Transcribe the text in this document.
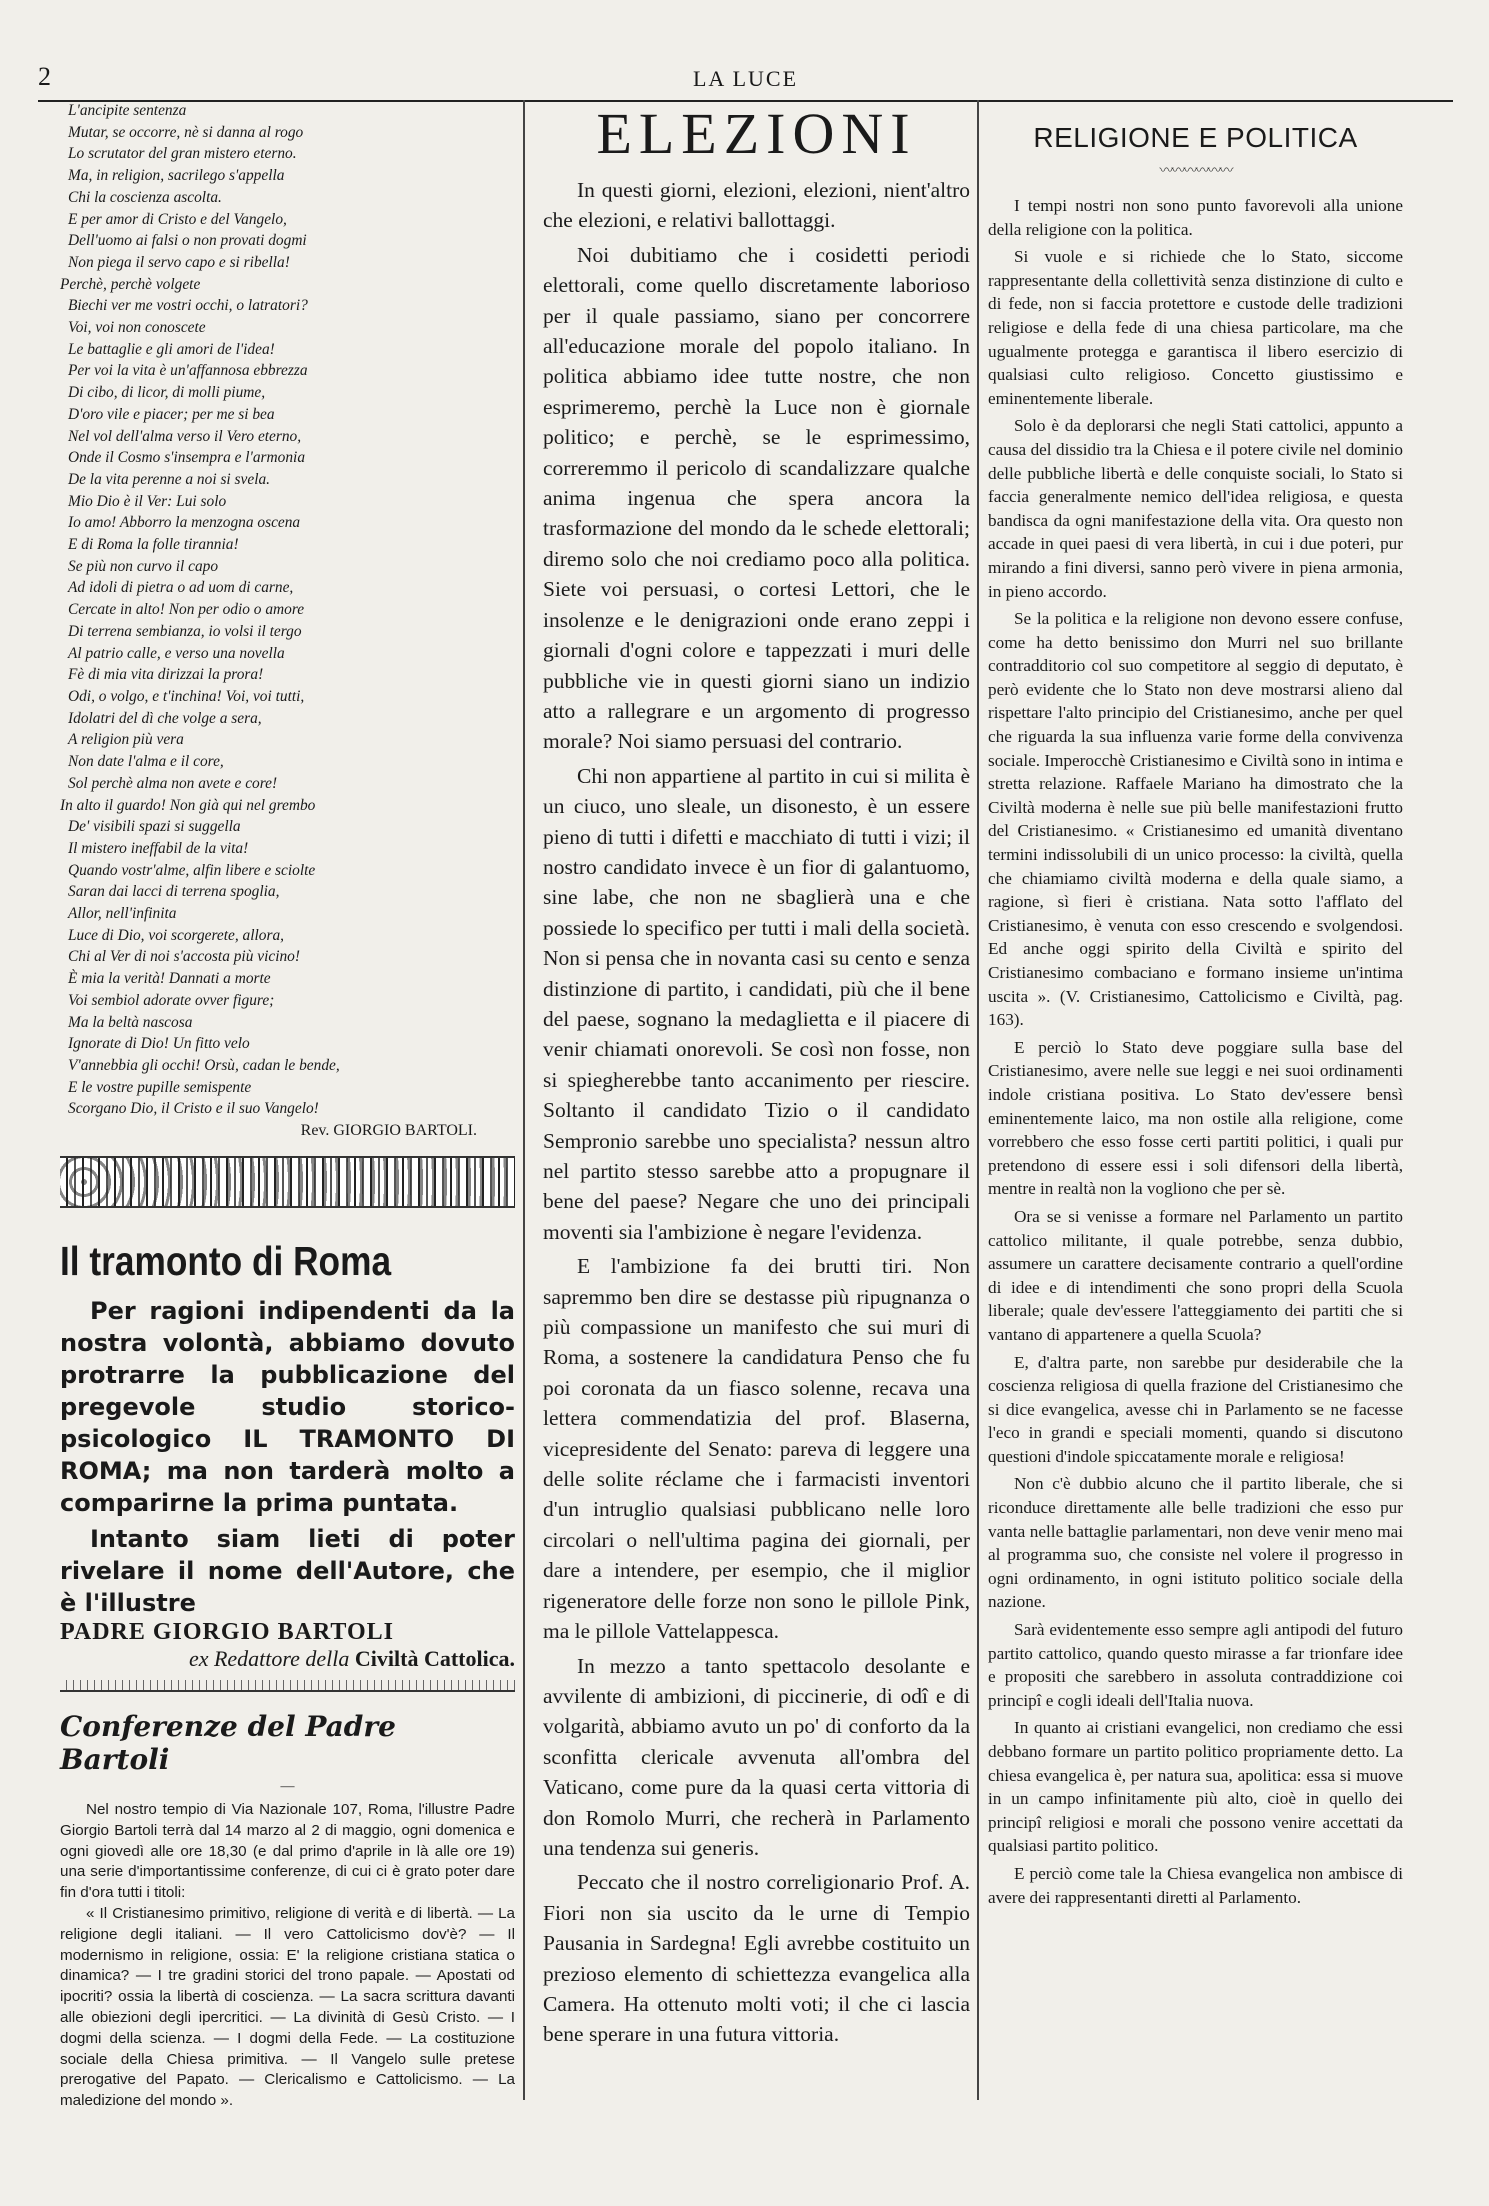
2	LA LUCE

L'ancipite sentenza

Mutar, se occorre, nè si danna al rogo

Lo scrutator del gran mistero eterno.

Ma, in religion, sacrilego s'appella

Chi la coscienza ascolta.

E per amor di Cristo e del Vangelo,

Dell'uomo ai falsi o non provati dogmi

Non piega il servo capo e si ribella!

Perchè, perchè volgete

Biechi ver me vostri occhi, o latratori?

Voi, voi non conoscete

Le battaglie e gli amori de l'idea!

Per voi la vita è un'affannosa ebbrezza

Di cibo, di licor, di molli piume,

D'oro vile e piacer; per me si bea

Nel vol dell'alma verso il Vero eterno,

Onde il Cosmo s'insempra e l'armonia

De la vita perenne a noi si svela.

Mio Dio è il Ver: Lui solo

Io amo! Abborro la menzogna oscena

E di Roma la folle tirannia!

Se più non curvo il capo

Ad idoli di pietra o ad uom di carne,

Cercate in alto! Non per odio o amore

Di terrena sembianza, io volsi il tergo

Al patrio calle, e verso una novella

Fè di mia vita dirizzai la prora!

Odi, o volgo, e t'inchina! Voi, voi tutti,

Idolatri del dì che volge a sera,

A religion più vera

Non date l'alma e il core,

Sol perchè alma non avete e core!

In alto il guardo! Non già qui nel grembo

De' visibili spazi si suggella

Il mistero ineffabil de la vita!

Quando vostr'alme, alfin libere e sciolte

Saran dai lacci di terrena spoglia,

Allor, nell'infinita

Luce di Dio, voi scorgerete, allora,

Chi al Ver di noi s'accosta più vicino!

È mia la verità! Dannati a morte

Voi sembiol adorate ovver figure;

Ma la beltà nascosa

Ignorate di Dio! Un fitto velo

V'annebbia gli occhi! Orsù, cadan le bende,

E le vostre pupille semispente

Scorgano Dio, il Cristo e il suo Vangelo!

Rev. GIORGIO BARTOLI.
Il tramonto di Roma

Per ragioni indipendenti da la nostra volontà, abbiamo dovuto protrarre la pubblicazione del pregevole studio storico-psicologico IL TRAMONTO DI ROMA; ma non tarderà molto a comparirne la prima puntata.

Intanto siam lieti di poter rivelare il nome dell'Autore, che è l'illustre

PADRE GIORGIO BARTOLI
ex Redattore della Civiltà Cattolica.
Conferenze del Padre Bartoli
—

Nel nostro tempio di Via Nazionale 107, Roma, l'illustre Padre Giorgio Bartoli terrà dal 14 marzo al 2 di maggio, ogni domenica e ogni giovedì alle ore 18,30 (e dal primo d'aprile in là alle ore 19) una serie d'importantissime conferenze, di cui ci è grato poter dare fin d'ora tutti i titoli:

« Il Cristianesimo primitivo, religione di verità e di libertà. — La religione degli italiani. — Il vero Cattolicismo dov'è? — Il modernismo in religione, ossia: E' la religione cristiana statica o dinamica? — I tre gradini storici del trono papale. — Apostati od ipocriti? ossia la libertà di coscienza. — La sacra scrittura davanti alle obiezioni degli ipercritici. — La divinità di Gesù Cristo. — I dogmi della scienza. — I dogmi della Fede. — La costituzione sociale della Chiesa primitiva. — Il Vangelo sulle pretese prerogative del Papato. — Clericalismo e Cattolicismo. — La maledizione del mondo ».

ELEZIONI

In questi giorni, elezioni, elezioni, nient'altro che elezioni, e relativi ballottaggi.

Noi dubitiamo che i cosidetti periodi elettorali, come quello discretamente laborioso per il quale passiamo, siano per concorrere all'educazione morale del popolo italiano. In politica abbiamo idee tutte nostre, che non esprimeremo, perchè la Luce non è giornale politico; e perchè, se le esprimessimo, correremmo il pericolo di scandalizzare qualche anima ingenua che spera ancora la trasformazione del mondo da le schede elettorali; diremo solo che noi crediamo poco alla politica. Siete voi persuasi, o cortesi Lettori, che le insolenze e le denigrazioni onde erano zeppi i giornali d'ogni colore e tappezzati i muri delle pubbliche vie in questi giorni siano un indizio atto a rallegrare e un argomento di progresso morale? Noi siamo persuasi del contrario.

Chi non appartiene al partito in cui si milita è un ciuco, uno sleale, un disonesto, è un essere pieno di tutti i difetti e macchiato di tutti i vizi; il nostro candidato invece è un fior di galantuomo, sine labe, che non ne sbaglierà una e che possiede lo specifico per tutti i mali della società. Non si pensa che in novanta casi su cento e senza distinzione di partito, i candidati, più che il bene del paese, sognano la medaglietta e il piacere di venir chiamati onorevoli. Se così non fosse, non si spiegherebbe tanto accanimento per riescire. Soltanto il candidato Tizio o il candidato Sempronio sarebbe uno specialista? nessun altro nel partito stesso sarebbe atto a propugnare il bene del paese? Negare che uno dei principali moventi sia l'ambizione è negare l'evidenza.

E l'ambizione fa dei brutti tiri. Non sapremmo ben dire se destasse più ripugnanza o più compassione un manifesto che sui muri di Roma, a sostenere la candidatura Penso che fu poi coronata da un fiasco solenne, recava una lettera commendatizia del prof. Blaserna, vicepresidente del Senato: pareva di leggere una delle solite réclame che i farmacisti inventori d'un intruglio qualsiasi pubblicano nelle loro circolari o nell'ultima pagina dei giornali, per dare a intendere, per esempio, che il miglior rigeneratore delle forze non sono le pillole Pink, ma le pillole Vattelappesca.

In mezzo a tanto spettacolo desolante e avvilente di ambizioni, di piccinerie, di odî e di volgarità, abbiamo avuto un po' di conforto da la sconfitta clericale avvenuta all'ombra del Vaticano, come pure da la quasi certa vittoria di don Romolo Murri, che recherà in Parlamento una tendenza sui generis.

Peccato che il nostro correligionario Prof. A. Fiori non sia uscito da le urne di Tempio Pausania in Sardegna! Egli avrebbe costituito un prezioso elemento di schiettezza evangelica alla Camera. Ha ottenuto molti voti; il che ci lascia bene sperare in una futura vittoria.

RELIGIONE E POLITICA
〰〰〰〰〰〰

I tempi nostri non sono punto favorevoli alla unione della religione con la politica.

Si vuole e si richiede che lo Stato, siccome rappresentante della collettività senza distinzione di culto e di fede, non si faccia protettore e custode delle tradizioni religiose e della fede di una chiesa particolare, ma che ugualmente protegga e garantisca il libero esercizio di qualsiasi culto religioso. Concetto giustissimo e eminentemente liberale.

Solo è da deplorarsi che negli Stati cattolici, appunto a causa del dissidio tra la Chiesa e il potere civile nel dominio delle pubbliche libertà e delle conquiste sociali, lo Stato si faccia generalmente nemico dell'idea religiosa, e questa bandisca da ogni manifestazione della vita. Ora questo non accade in quei paesi di vera libertà, in cui i due poteri, pur mirando a fini diversi, sanno però vivere in piena armonia, in pieno accordo.

Se la politica e la religione non devono essere confuse, come ha detto benissimo don Murri nel suo brillante contradditorio col suo competitore al seggio di deputato, è però evidente che lo Stato non deve mostrarsi alieno dal rispettare l'alto principio del Cristianesimo, anche per quel che riguarda la sua influenza varie forme della convivenza sociale. Imperocchè Cristianesimo e Civiltà sono in intima e stretta relazione. Raffaele Mariano ha dimostrato che la Civiltà moderna è nelle sue più belle manifestazioni frutto del Cristianesimo. « Cristianesimo ed umanità diventano termini indissolubili di un unico processo: la civiltà, quella che chiamiamo civiltà moderna e della quale siamo, a ragione, sì fieri è cristiana. Nata sotto l'afflato del Cristianesimo, è venuta con esso crescendo e svolgendosi. Ed anche oggi spirito della Civiltà e spirito del Cristianesimo combaciano e formano insieme un'intima uscita ». (V. Cristianesimo, Cattolicismo e Civiltà, pag. 163).

E perciò lo Stato deve poggiare sulla base del Cristianesimo, avere nelle sue leggi e nei suoi ordinamenti indole cristiana positiva. Lo Stato dev'essere bensì eminentemente laico, ma non ostile alla religione, come vorrebbero che esso fosse certi partiti politici, i quali pur pretendono di essere essi i soli difensori della libertà, mentre in realtà non la vogliono che per sè.

Ora se si venisse a formare nel Parlamento un partito cattolico militante, il quale potrebbe, senza dubbio, assumere un carattere decisamente contrario a quell'ordine di idee e di intendimenti che sono propri della Scuola liberale; quale dev'essere l'atteggiamento dei partiti che si vantano di appartenere a quella Scuola?

E, d'altra parte, non sarebbe pur desiderabile che la coscienza religiosa di quella frazione del Cristianesimo che si dice evangelica, avesse chi in Parlamento se ne facesse l'eco in grandi e speciali momenti, quando si discutono questioni d'indole spiccatamente morale e religiosa!

Non c'è dubbio alcuno che il partito liberale, che si riconduce direttamente alle belle tradizioni che esso pur vanta nelle battaglie parlamentari, non deve venir meno mai al programma suo, che consiste nel volere il progresso in ogni ordinamento, in ogni istituto politico sociale della nazione.

Sarà evidentemente esso sempre agli antipodi del futuro partito cattolico, quando questo mirasse a far trionfare idee e propositi che sarebbero in assoluta contraddizione coi principî e cogli ideali dell'Italia nuova.

In quanto ai cristiani evangelici, non crediamo che essi debbano formare un partito politico propriamente detto. La chiesa evangelica è, per natura sua, apolitica: essa si muove in un campo infinitamente più alto, cioè in quello dei principî religiosi e morali che possono venire accettati da qualsiasi partito politico.

E perciò come tale la Chiesa evangelica non ambisce di avere dei rappresentanti diretti al Parlamento.
